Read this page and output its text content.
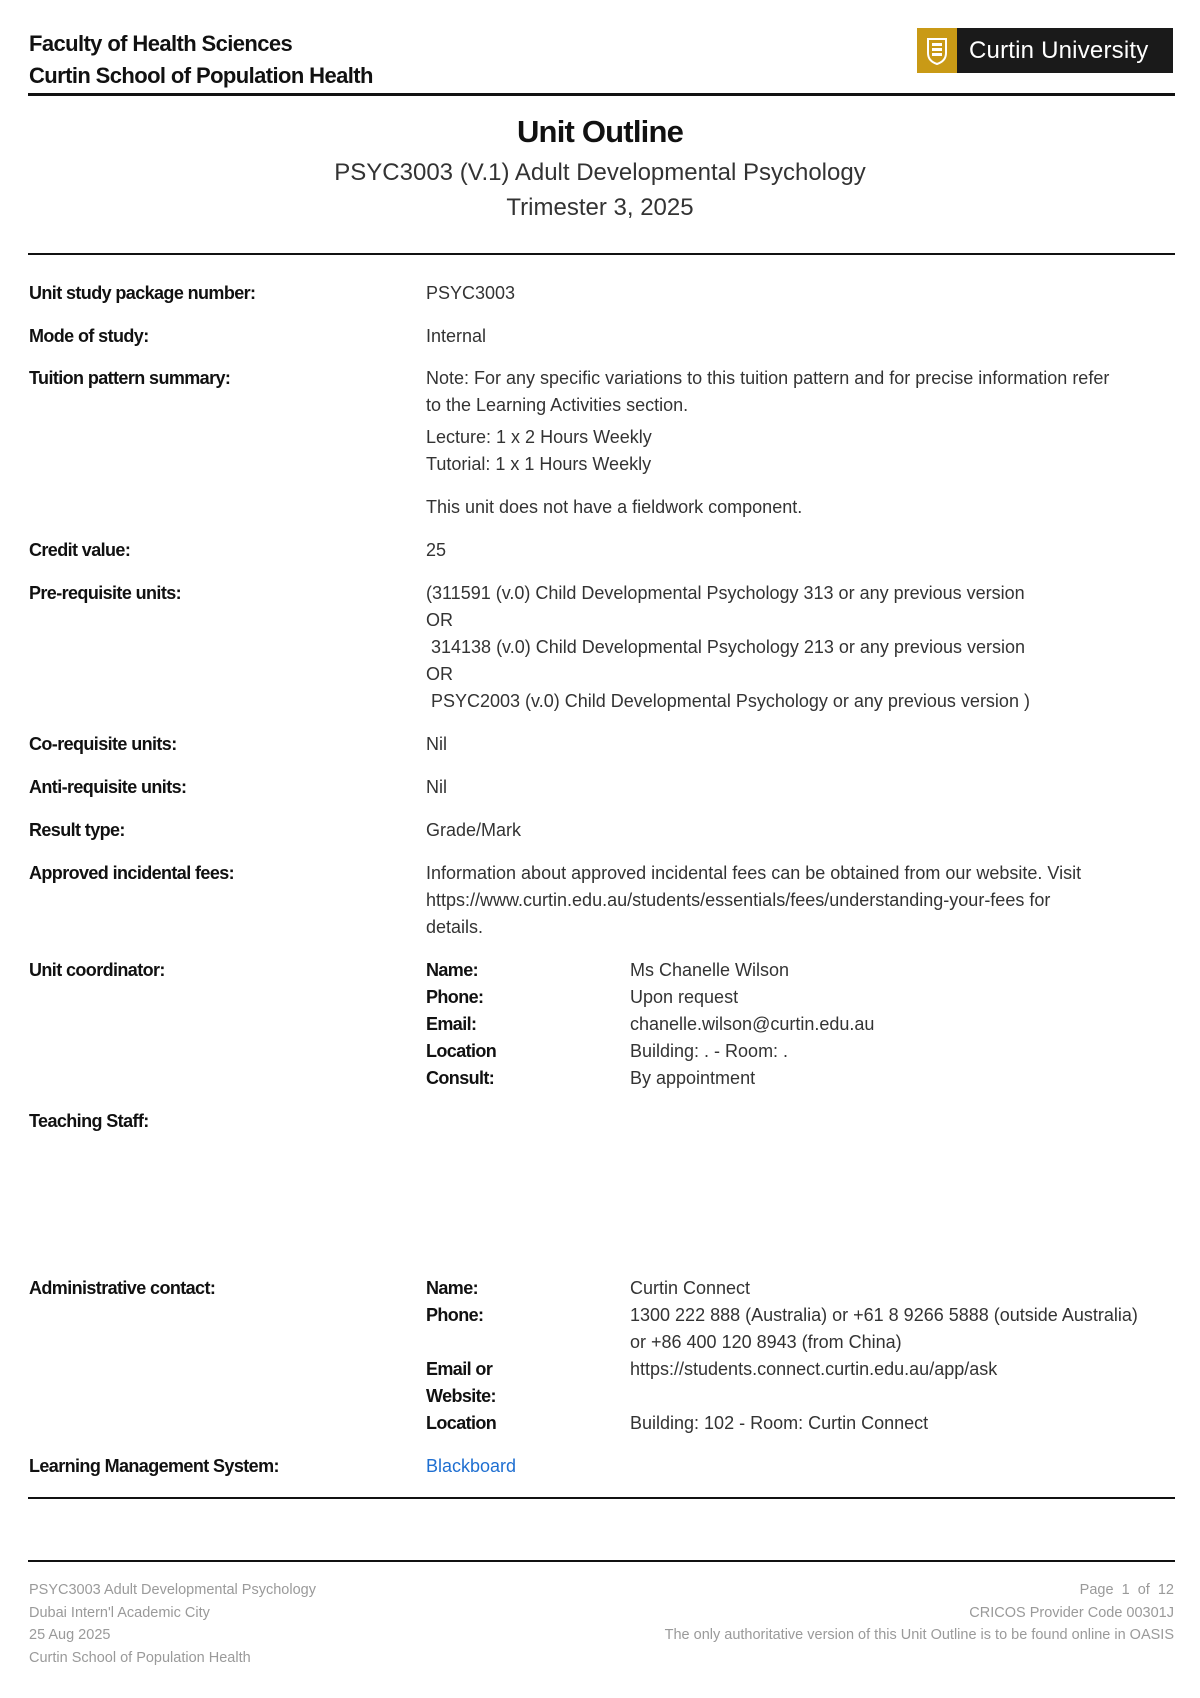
Faculty of Health Sciences
Curtin School of Population Health
Curtin University
Unit Outline
PSYC3003 (V.1) Adult Developmental Psychology
Trimester 3, 2025
Unit study package number:	PSYC3003
Mode of study:	Internal
Tuition pattern summary:	Note: For any specific variations to this tuition pattern and for precise information refer
to the Learning Activities section.
Lecture: 1 x 2 Hours Weekly
Tutorial: 1 x 1 Hours Weekly
This unit does not have a fieldwork component.
Credit value:	25
Pre-requisite units:	(311591 (v.0) Child Developmental Psychology 313 or any previous version
OR
314138 (v.0) Child Developmental Psychology 213 or any previous version
OR
PSYC2003 (v.0) Child Developmental Psychology or any previous version )
Co-requisite units:	Nil
Anti-requisite units:	Nil
Result type:	Grade/Mark
Approved incidental fees:	Information about approved incidental fees can be obtained from our website. Visit
https://www.curtin.edu.au/students/essentials/fees/understanding-your-fees for
details.
Unit coordinator:	Name:	Ms Chanelle Wilson
Phone:	Upon request
Email:	chanelle.wilson@curtin.edu.au
Location	Building: . - Room: .
Consult:	By appointment
Teaching Staff:
Administrative contact:	Name:	Curtin Connect
Phone:	1300 222 888 (Australia) or +61 8 9266 5888 (outside Australia)
or +86 400 120 8943 (from China)
Email or	https://students.connect.curtin.edu.au/app/ask
Website:
Location	Building: 102 - Room: Curtin Connect
Learning Management System:	Blackboard
PSYC3003 Adult Developmental Psychology
Dubai Intern'l Academic City
25 Aug 2025
Curtin School of Population Health
Page  1  of  12
CRICOS Provider Code 00301J
The only authoritative version of this Unit Outline is to be found online in OASIS
